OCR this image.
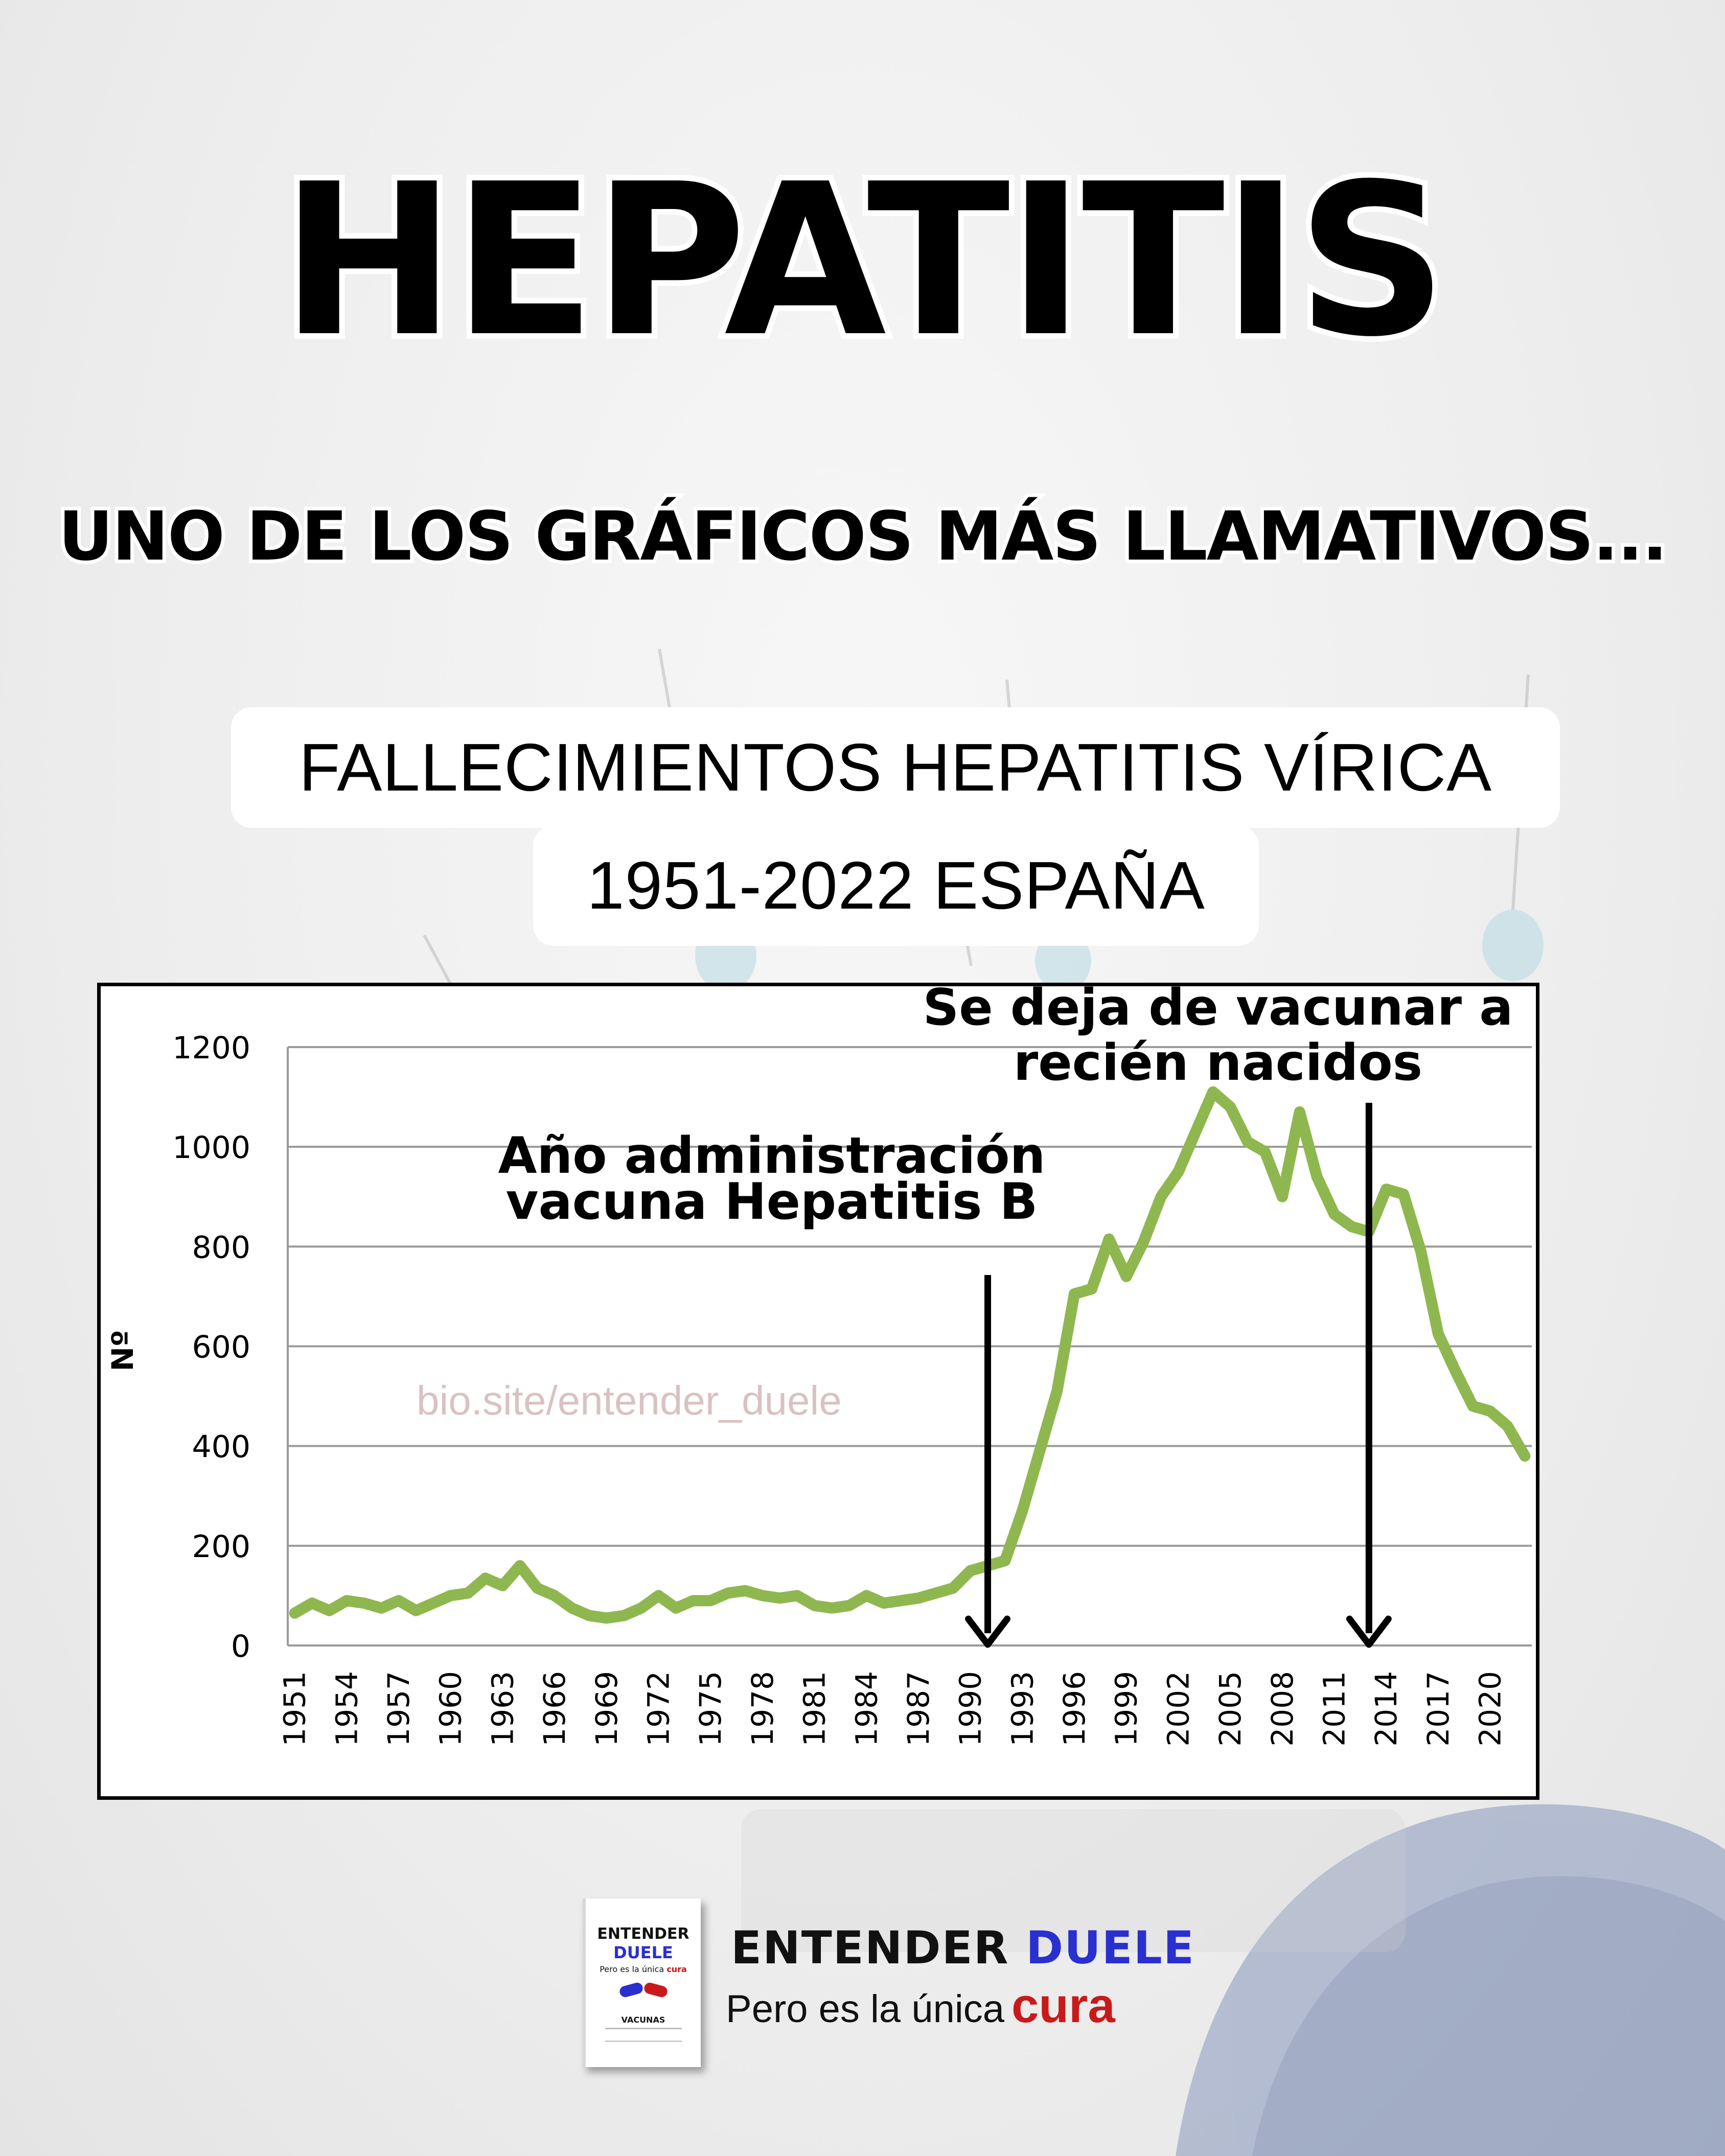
HEPATITIS
UNO DE LOS GRÁFICOS MÁS LLAMATIVOS...
FALLECIMIENTOS HEPATITIS VÍRICA
1951-2022 ESPAÑA
0
200
400
600
800
1000
1200
1951 1954 1957 1960 1963 1966 1969 1972 1975 1978 1981 1984 1987 1990 1993 1996 1999 2002 2005 2008 2011 2014 2017 2020
Nº
bio.site/entender_duele
Año administración
vacuna Hepatitis B
Se deja de vacunar a
recién nacidos
ENTENDER
DUELE
Pero es la única cura
VACUNAS
ENTENDER DUELE
Pero es la única cura
